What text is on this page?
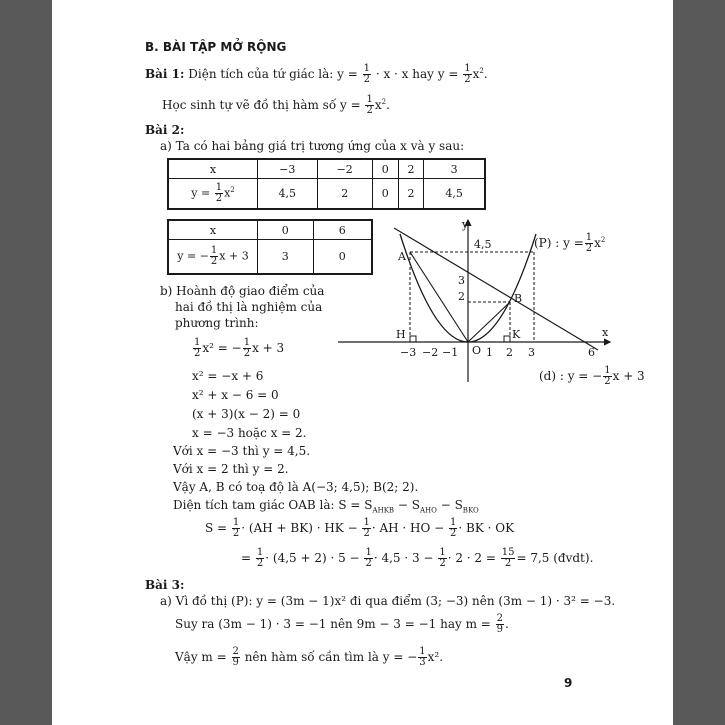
B. BÀI TẬP MỞ RỘNG
Bài 1: Diện tích của tứ giác là: $y = \frac{1}{2} \cdot x \cdot x$ hay $y = \frac{1}{2} x^2$.
Học sinh tự vẽ đồ thị hàm số $y = \frac{1}{2} x^2$.
Bài 2:
a) Ta có hai bảng giá trị tương ứng của x và y sau:
x	−3	−2	0	2	3
$y = \frac{1}{2} x^2$	4,5	2	0	2	4,5
x	0	6
y = − $\frac{1}{2}$ x + 3	3	0
b) Hoành độ giao điểm của
hai đồ thị là nghiệm của
phương trình:
$\frac{1}{2} x^2$ = − $\frac{1}{2}$ x + 3
x² = −x + 6
x² + x − 6 = 0
(x + 3)(x − 2) = 0
x = −3 hoặc x = 2.
Với x = −3 thì y = 4,5.
Với x = 2 thì y = 2.
Vậy A, B có toạ độ là A(−3; 4,5); B(2; 2).
Diện tích tam giác OAB là: $S = S_{AHKB} - S_{AHO} - S_{BKO}$
$S = \frac{1}{2} \cdot (AH + BK)$ · HK − $\frac{1}{2}$ · AH · HO − $\frac{1}{2}$ · BK · OK
= $\frac{1}{2} \cdot (4,5 + 2) \cdot 5 - \frac{1}{2} \cdot 4,5 \cdot 3 - \frac{1}{2} \cdot 2 \cdot 2 = \frac{15}{2} = 7,5$ (đvdt).
y
x
4,5
3
2
−3 −2 −1	1 2 3	6
A
B
H	K
O
(P) : $y = \frac{1}{2} x^2$
(d) : y = − $\frac{1}{2}$ x + 3
Bài 3:
a) Vì đồ thị (P): y = (3m − 1)x² đi qua điểm (3; −3) nên (3m − 1) · 3² = −3.
Suy ra (3m − 1) · 3 = −1 nên 9m − 3 = −1 hay $m = \frac{2}{9}$ .
Vậy $m = \frac{2}{9}$ nên hàm số cần tìm là y = − $\frac{1}{3} x^2$.
9
